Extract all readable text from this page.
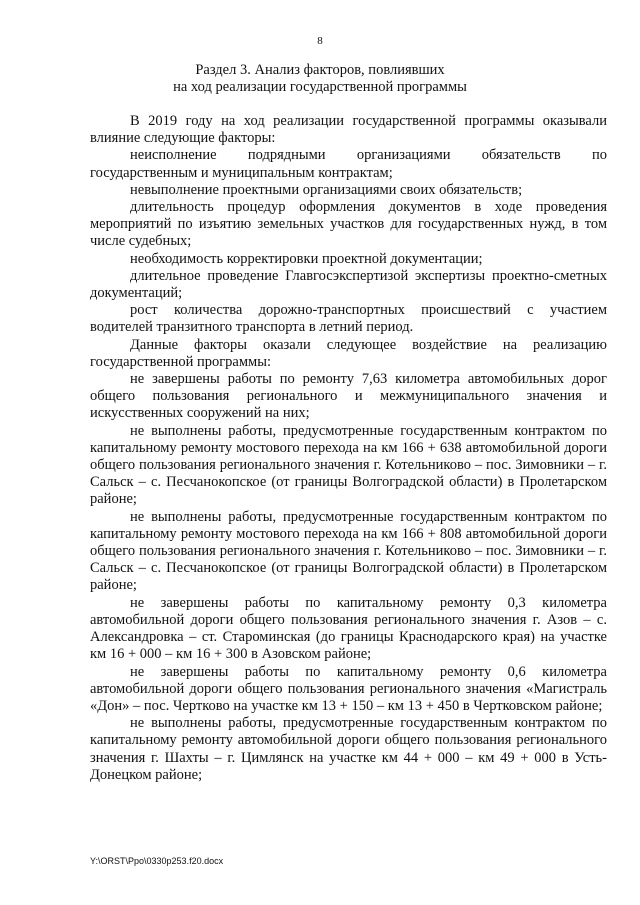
8
Раздел 3. Анализ факторов, повлиявших
на ход реализации государственной программы

В 2019 году на ход реализации государственной программы оказывали влияние следующие факторы:

неисполнение подрядными организациями обязательств по государственным и муниципальным контрактам;

невыполнение проектными организациями своих обязательств;

длительность процедур оформления документов в ходе проведения мероприятий по изъятию земельных участков для государственных нужд, в том числе судебных;

необходимость корректировки проектной документации;

длительное проведение Главгосэкспертизой экспертизы проектно-сметных документаций;

рост количества дорожно-транспортных происшествий с участием водителей транзитного транспорта в летний период.

Данные факторы оказали следующее воздействие на реализацию государственной программы:

не завершены работы по ремонту 7,63 километра автомобильных дорог общего пользования регионального и межмуниципального значения и искусственных сооружений на них;

не выполнены работы, предусмотренные государственным контрактом по капитальному ремонту мостового перехода на км 166 + 638 автомобильной дороги общего пользования регионального значения г. Котельниково – пос. Зимовники – г. Сальск – с. Песчанокопское (от границы Волгоградской области) в Пролетарском районе;

не выполнены работы, предусмотренные государственным контрактом по капитальному ремонту мостового перехода на км 166 + 808 автомобильной дороги общего пользования регионального значения г. Котельниково – пос. Зимовники – г. Сальск – с. Песчанокопское (от границы Волгоградской области) в Пролетарском районе;

не завершены работы по капитальному ремонту 0,3 километра автомобильной дороги общего пользования регионального значения г. Азов – с. Александровка – ст. Староминская (до границы Краснодарского края) на участке км 16 + 000 – км 16 + 300 в Азовском районе;

не завершены работы по капитальному ремонту 0,6 километра автомобильной дороги общего пользования регионального значения «Магистраль «Дон» – пос. Чертково на участке км 13 + 150 – км 13 + 450 в Чертковском районе;

не выполнены работы, предусмотренные государственным контрактом по капитальному ремонту автомобильной дороги общего пользования регионального значения г. Шахты – г. Цимлянск на участке км 44 + 000 – км 49 + 000 в Усть-Донецком районе;

Y:\ORST\Ppo\0330p253.f20.docx
